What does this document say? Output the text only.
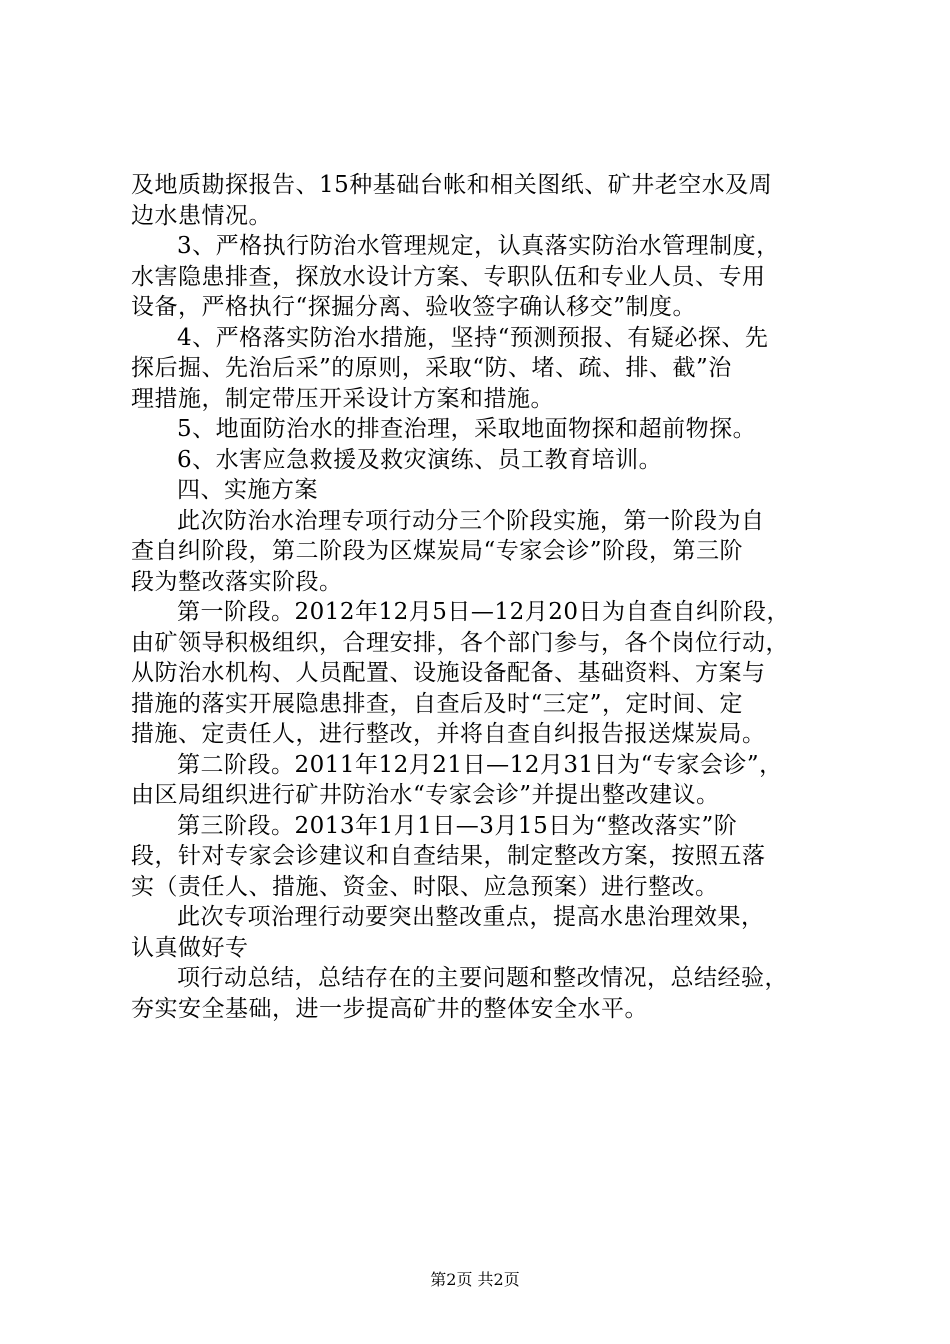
及地质勘探报告、15种基础台帐和相关图纸、矿井老空水及周
边水患情况。
3、严格执行防治水管理规定，认真落实防治水管理制度，
水害隐患排查，探放水设计方案、专职队伍和专业人员、专用
设备，严格执行“探掘分离、验收签字确认移交”制度。
4、严格落实防治水措施，坚持“预测预报、有疑必探、先
探后掘、先治后采”的原则，采取“防、堵、疏、排、截”治
理措施，制定带压开采设计方案和措施。
5、地面防治水的排查治理，采取地面物探和超前物探。
6、水害应急救援及救灾演练、员工教育培训。
四、实施方案
此次防治水治理专项行动分三个阶段实施，第一阶段为自
查自纠阶段，第二阶段为区煤炭局“专家会诊”阶段，第三阶
段为整改落实阶段。
第一阶段。2012年12月5日—12月20日为自查自纠阶段，
由矿领导积极组织，合理安排，各个部门参与，各个岗位行动，
从防治水机构、人员配置、设施设备配备、基础资料、方案与
措施的落实开展隐患排查，自查后及时“三定”，定时间、定
措施、定责任人，进行整改，并将自查自纠报告报送煤炭局。
第二阶段。2011年12月21日—12月31日为“专家会诊”，
由区局组织进行矿井防治水“专家会诊”并提出整改建议。
第三阶段。2013年1月1日—3月15日为“整改落实”阶
段，针对专家会诊建议和自查结果，制定整改方案，按照五落
实（责任人、措施、资金、时限、应急预案）进行整改。
此次专项治理行动要突出整改重点，提高水患治理效果，
认真做好专
项行动总结，总结存在的主要问题和整改情况，总结经验，
夯实安全基础，进一步提高矿井的整体安全水平。
第2页 共2页
